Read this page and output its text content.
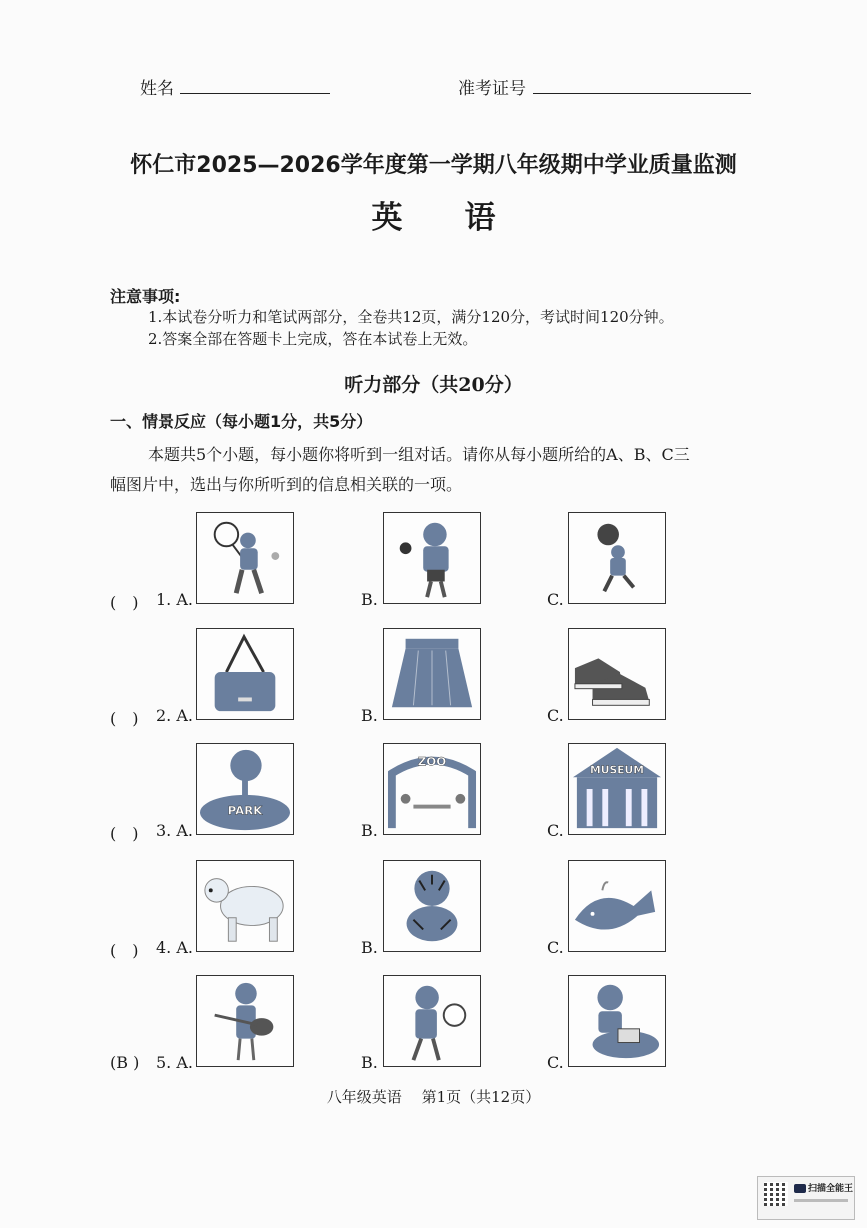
姓名	准考证号
怀仁市2025—2026学年度第一学期八年级期中学业质量监测
英　　语
注意事项:
1.本试卷分听力和笔试两部分，全卷共12页，满分120分，考试时间120分钟。
2.答案全部在答题卡上完成，答在本试卷上无效。
听力部分（共20分）
一、情景反应（每小题1分，共5分）
本题共5个小题，每小题你将听到一组对话。请你从每小题所给的A、B、C三
幅图片中，选出与你所听到的信息相关联的一项。
(　) 1. A.	B.	C.
(　) 2. A.	B.	C.
(　) 3. A.	B.	C.
PARK
ZOO
MUSEUM
(　) 4. A.	B.	C.
(B ) 5. A.	B.	C.
八年级英语　 第1页（共12页）
扫描全能王
